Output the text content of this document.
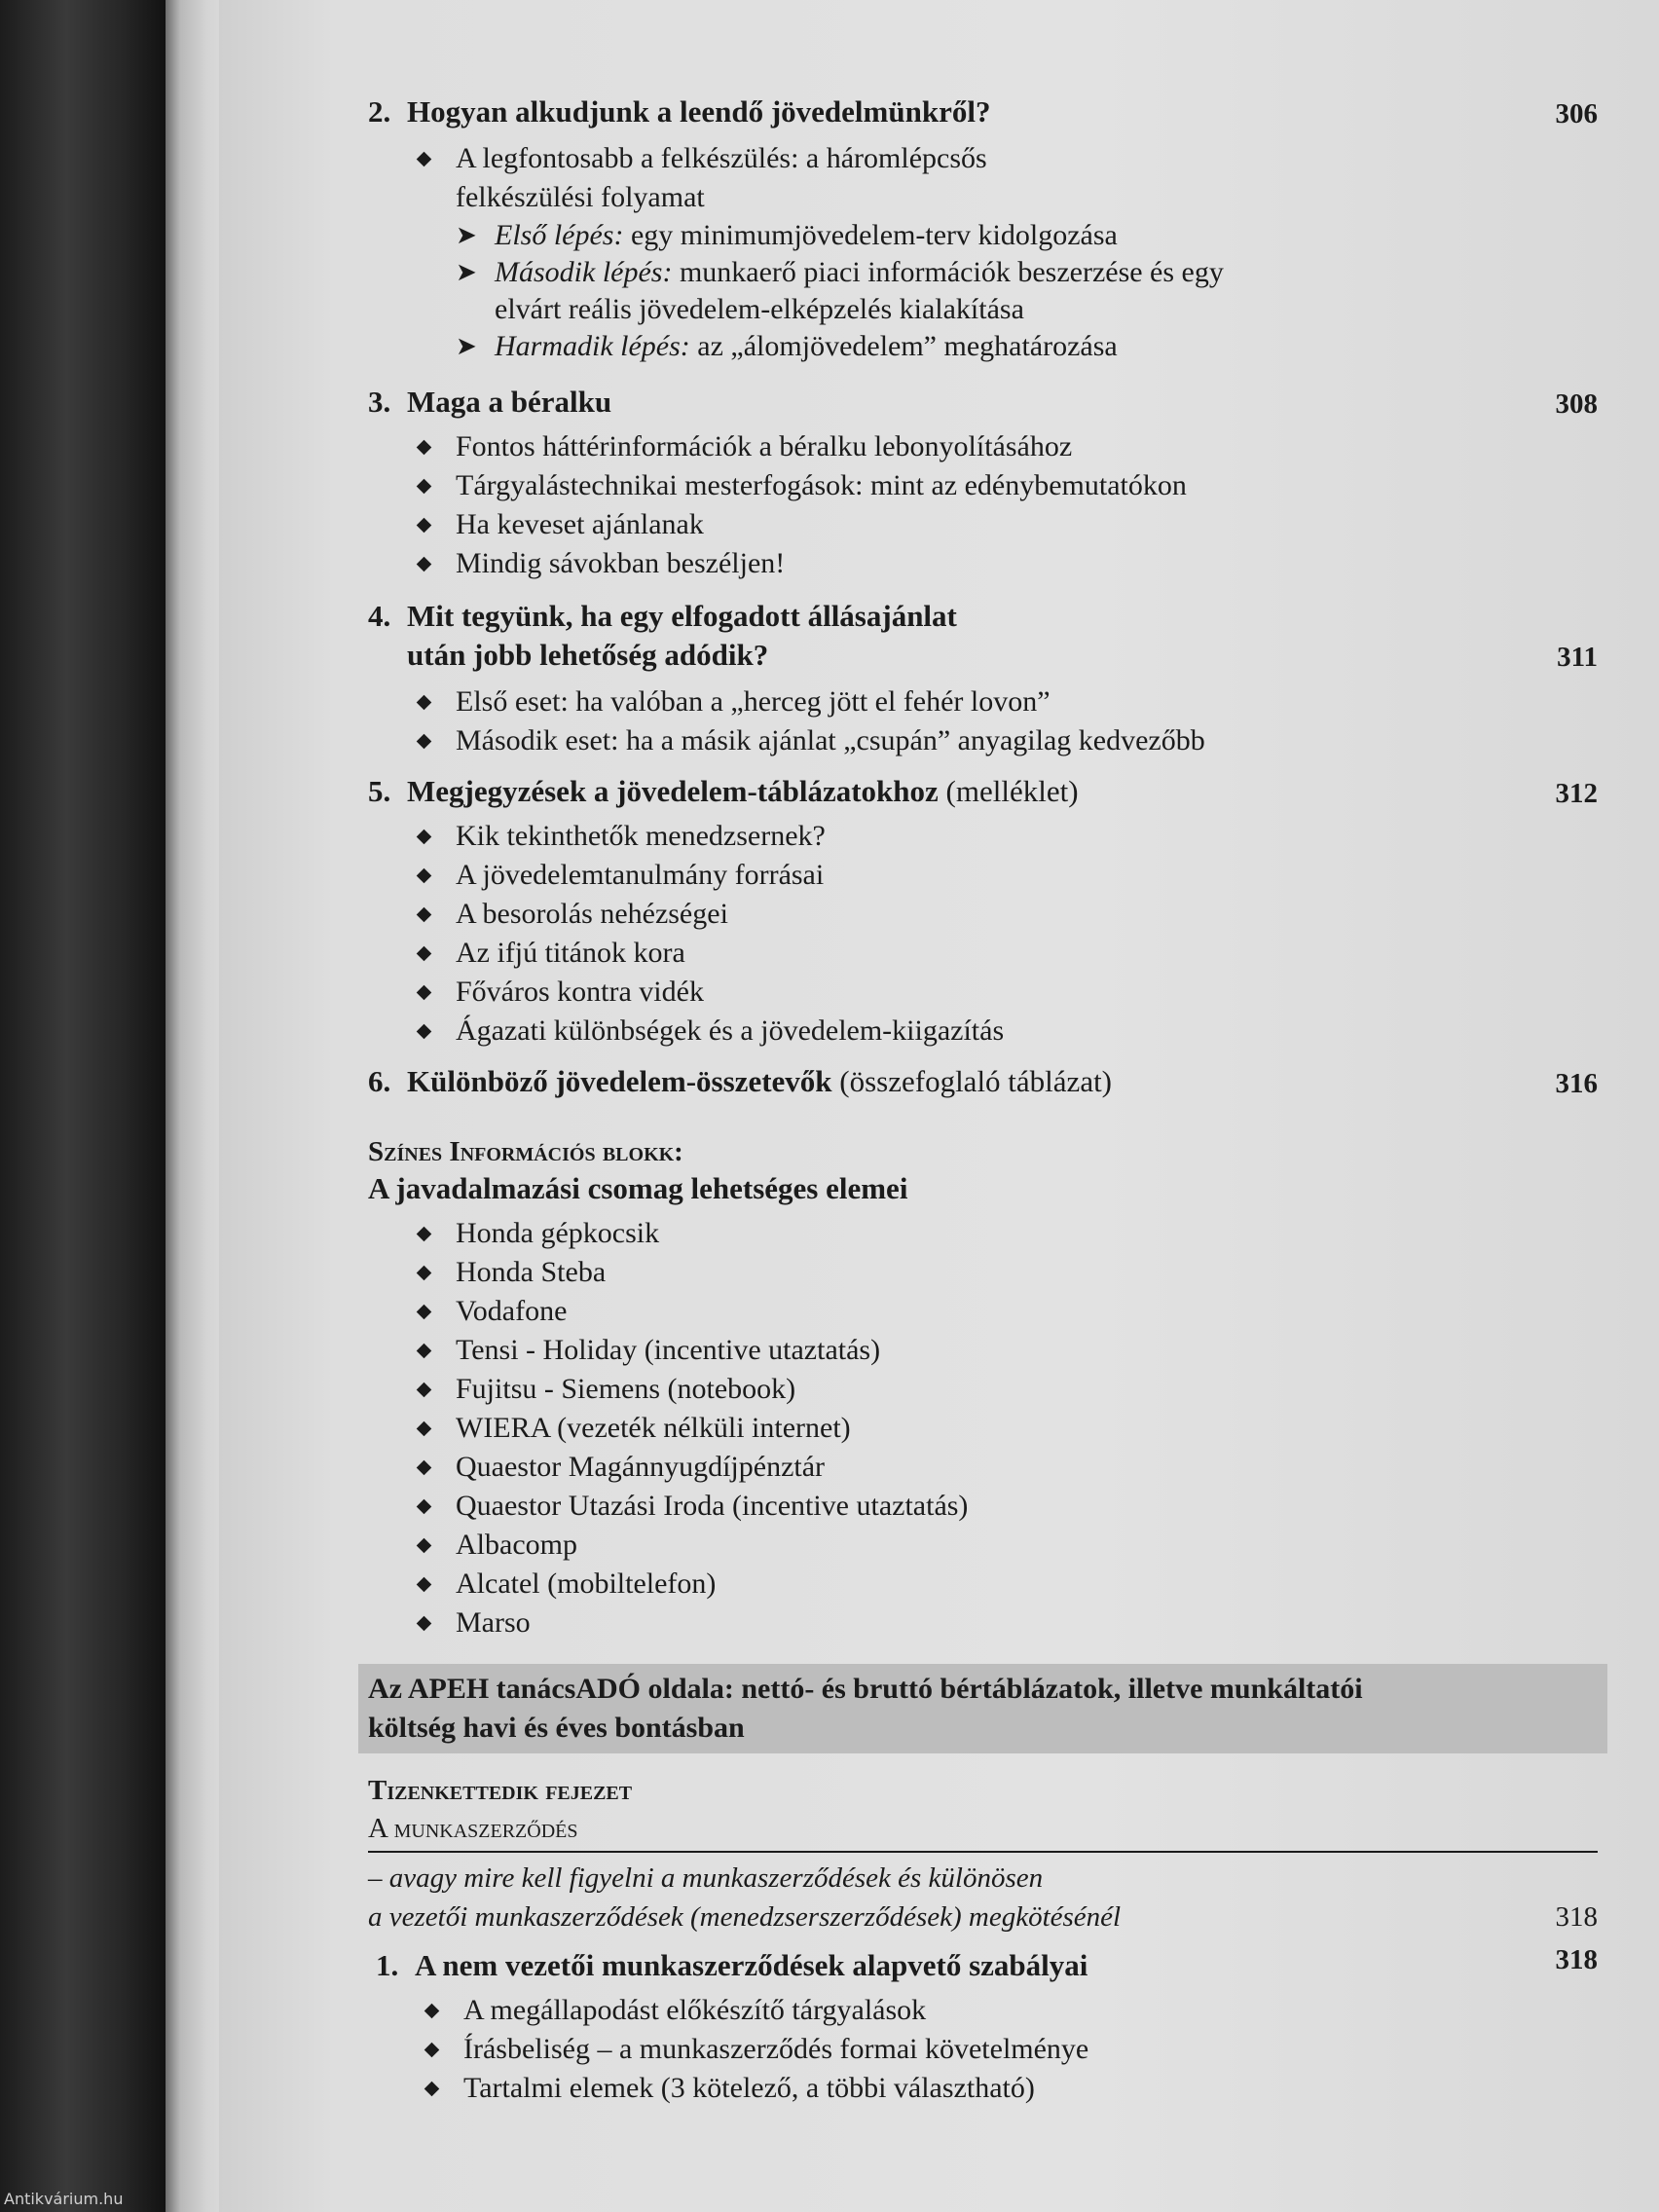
2. Hogyan alkudjunk a leendő jövedelmünkről?	306
A legfontosabb a felkészülés: a háromlépcsős felkészülési folyamat
➤ Első lépés: egy minimumjövedelem-terv kidolgozása
➤ Második lépés: munkaerő piaci információk beszerzése és egy elvárt reális jövedelem-elképzelés kialakítása
➤ Harmadik lépés: az „álomjövedelem” meghatározása
3. Maga a béralku	308
Fontos háttérinformációk a béralku lebonyolításához
Tárgyalástechnikai mesterfogások: mint az edénybemutatókon
Ha keveset ajánlanak
Mindig sávokban beszéljen!
4. Mit tegyünk, ha egy elfogadott állásajánlat
után jobb lehetőség adódik?	311
Első eset: ha valóban a „herceg jött el fehér lovon”
Második eset: ha a másik ajánlat „csupán” anyagilag kedvezőbb
5. Megjegyzések a jövedelem-táblázatokhoz (melléklet)	312
Kik tekinthetők menedzsernek?
A jövedelemtanulmány forrásai
A besorolás nehézségei
Az ifjú titánok kora
Főváros kontra vidék
Ágazati különbségek és a jövedelem-kiigazítás
6. Különböző jövedelem-összetevők (összefoglaló táblázat)	316
Színes Információs blokk:
A javadalmazási csomag lehetséges elemei
Honda gépkocsik
Honda Steba
Vodafone
Tensi - Holiday (incentive utaztatás)
Fujitsu - Siemens (notebook)
WIERA (vezeték nélküli internet)
Quaestor Magánnyugdíjpénztár
Quaestor Utazási Iroda (incentive utaztatás)
Albacomp
Alcatel (mobiltelefon)
Marso
Az APEH tanácsADÓ oldala: nettó- és bruttó bértáblázatok, illetve munkáltatói
költség havi és éves bontásban
Tizenkettedik fejezet
A munkaszerződés
– avagy mire kell figyelni a munkaszerződések és különösen
a vezetői munkaszerződések (menedzserszerződések) megkötésénél	318
1. A nem vezetői munkaszerződések alapvető szabályai	318
A megállapodást előkészítő tárgyalások
Írásbeliség – a munkaszerződés formai követelménye
Tartalmi elemek (3 kötelező, a többi választható)
Antikvárium.hu
